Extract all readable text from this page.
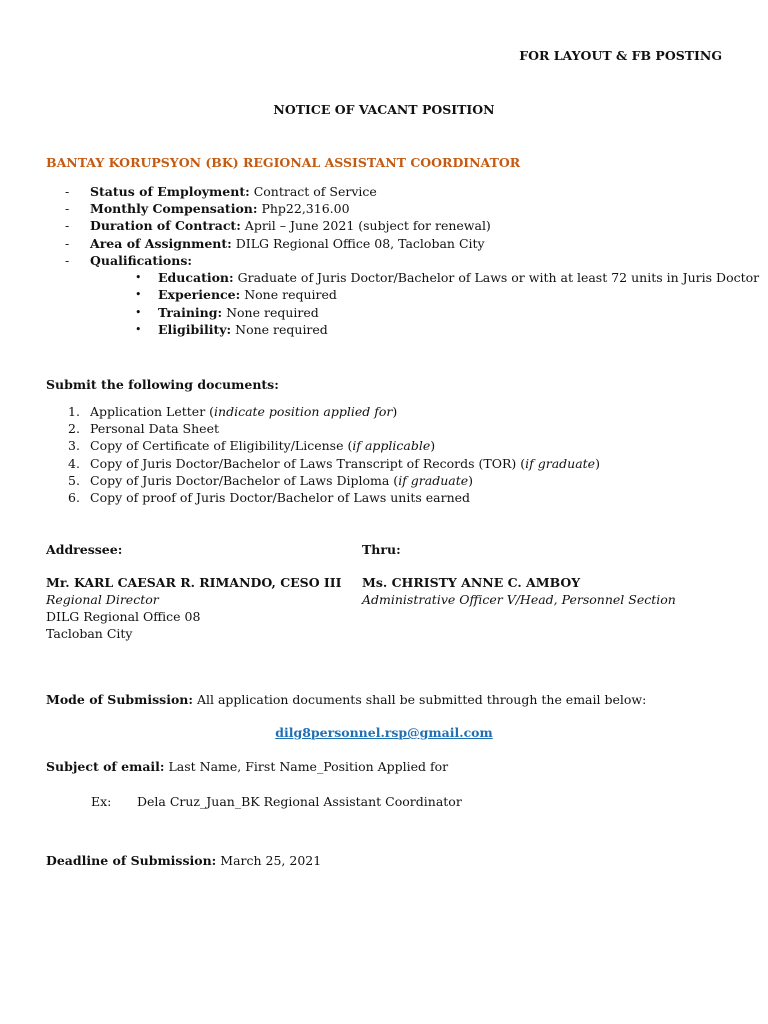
FOR LAYOUT & FB POSTING
NOTICE OF VACANT POSITION
BANTAY KORUPSYON (BK) REGIONAL ASSISTANT COORDINATOR
-	Status of Employment: Contract of Service
-	Monthly Compensation: Php22,316.00
-	Duration of Contract: April – June 2021 (subject for renewal)
-	Area of Assignment: DILG Regional Office 08, Tacloban City
-	Qualifications:
•	Education: Graduate of Juris Doctor/Bachelor of Laws or with at least 72 units in Juris Doctor
•	Experience: None required
•	Training: None required
•	Eligibility: None required
Submit the following documents:
1. Application Letter (indicate position applied for)
2. Personal Data Sheet
3. Copy of Certificate of Eligibility/License (if applicable)
4. Copy of Juris Doctor/Bachelor of Laws Transcript of Records (TOR) (if graduate)
5. Copy of Juris Doctor/Bachelor of Laws Diploma (if graduate)
6. Copy of proof of Juris Doctor/Bachelor of Laws units earned
Addressee:	Thru:
Mr. KARL CAESAR R. RIMANDO, CESO III
Regional Director
DILG Regional Office 08
Tacloban City
Ms. CHRISTY ANNE C. AMBOY
Administrative Officer V/Head, Personnel Section
Mode of Submission: All application documents shall be submitted through the email below:
dilg8personnel.rsp@gmail.com
Subject of email: Last Name, First Name_Position Applied for
Ex: Dela Cruz_Juan_BK Regional Assistant Coordinator
Deadline of Submission: March 25, 2021
